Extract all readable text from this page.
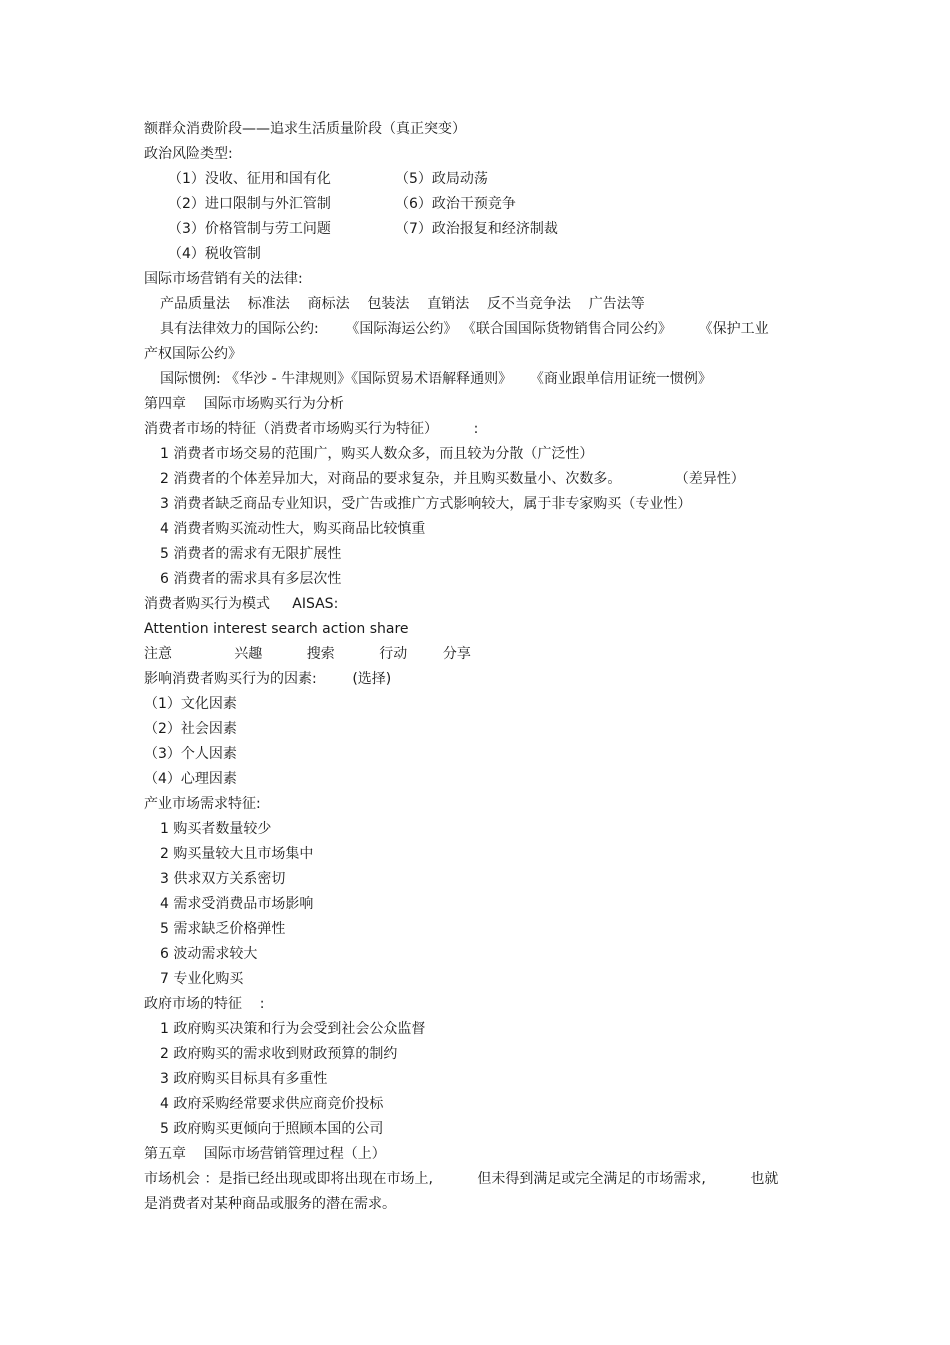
额群众消费阶段——追求生活质量阶段（真正突变）
政治风险类型:
（1）没收、征用和国有化	（5）政局动荡
（2）进口限制与外汇管制	（6）政治干预竞争
（3）价格管制与劳工问题	（7）政治报复和经济制裁
（4）税收管制
国际市场营销有关的法律:
产品质量法    标准法    商标法    包装法    直销法    反不当竞争法    广告法等
具有法律效力的国际公约:      《国际海运公约》 《联合国国际货物销售合同公约》      《保护工业
产权国际公约》
国际惯例: 《华沙 - 牛津规则》《国际贸易术语解释通则》    《商业跟单信用证统一惯例》
第四章    国际市场购买行为分析
消费者市场的特征（消费者市场购买行为特征）        :
1 消费者市场交易的范围广，购买人数众多，而且较为分散（广泛性）
2 消费者的个体差异加大，对商品的要求复杂，并且购买数量小、次数多。            （差异性）
3 消费者缺乏商品专业知识，受广告或推广方式影响较大，属于非专家购买（专业性）
4 消费者购买流动性大，购买商品比较慎重
5 消费者的需求有无限扩展性
6 消费者的需求具有多层次性
消费者购买行为模式     AISAS:
Attention interest search action share
注意              兴趣          搜索          行动        分享
影响消费者购买行为的因素:        (选择)
（1）文化因素
（2）社会因素
（3）个人因素
（4）心理因素
产业市场需求特征:
1 购买者数量较少
2 购买量较大且市场集中
3 供求双方关系密切
4 需求受消费品市场影响
5 需求缺乏价格弹性
6 波动需求较大
7 专业化购买
政府市场的特征    :
1 政府购买决策和行为会受到社会公众监督
2 政府购买的需求收到财政预算的制约
3 政府购买目标具有多重性
4 政府采购经常要求供应商竞价投标
5 政府购买更倾向于照顾本国的公司
第五章    国际市场营销管理过程（上）
市场机会 ：是指已经出现或即将出现在市场上,          但未得到满足或完全满足的市场需求,          也就
是消费者对某种商品或服务的潜在需求。
